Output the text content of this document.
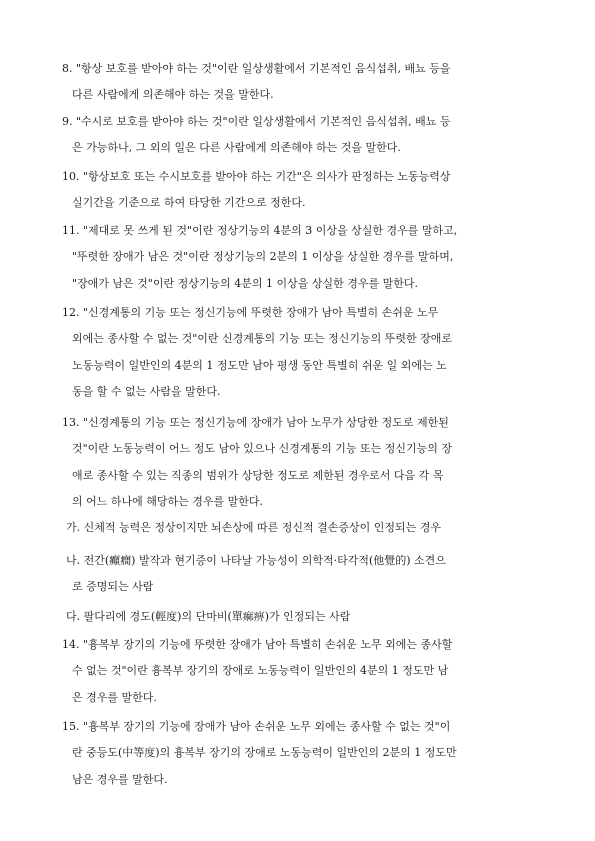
8. "항상 보호를 받아야 하는 것"이란 일상생활에서 기본적인 음식섭취, 배뇨 등을
다른 사람에게 의존해야 하는 것을 말한다.
9. "수시로 보호를 받아야 하는 것"이란 일상생활에서 기본적인 음식섭취, 배뇨 등
은 가능하나, 그 외의 일은 다른 사람에게 의존해야 하는 것을 말한다.
10. "항상보호 또는 수시보호를 받아야 하는 기간"은 의사가 판정하는 노동능력상
실기간을 기준으로 하여 타당한 기간으로 정한다.
11. "제대로 못 쓰게 된 것"이란 정상기능의 4분의 3 이상을 상실한 경우를 말하고,
"뚜렷한 장애가 남은 것"이란 정상기능의 2분의 1 이상을 상실한 경우를 말하며,
"장애가 남은 것"이란 정상기능의 4분의 1 이상을 상실한 경우를 말한다.
12. "신경계통의 기능 또는 정신기능에 뚜렷한 장애가 남아 특별히 손쉬운 노무
외에는 종사할 수 없는 것"이란 신경계통의 기능 또는 정신기능의 뚜렷한 장애로
노동능력이 일반인의 4분의 1 정도만 남아 평생 동안 특별히 쉬운 일 외에는 노
동을 할 수 없는 사람을 말한다.
13. "신경계통의 기능 또는 정신기능에 장애가 남아 노무가 상당한 정도로 제한된
것"이란 노동능력이 어느 정도 남아 있으나 신경계통의 기능 또는 정신기능의 장
애로 종사할 수 있는 직종의 범위가 상당한 정도로 제한된 경우로서 다음 각 목
의 어느 하나에 해당하는 경우를 말한다.
가. 신체적 능력은 정상이지만 뇌손상에 따른 정신적 결손증상이 인정되는 경우
나. 전간(癲癎) 발작과 현기증이 나타날 가능성이 의학적·타각적(他覺的) 소견으
로 증명되는 사람
다. 팔다리에 경도(輕度)의 단마비(單痲痹)가 인정되는 사람
14. "흉복부 장기의 기능에 뚜렷한 장애가 남아 특별히 손쉬운 노무 외에는 종사할
수 없는 것"이란 흉복부 장기의 장애로 노동능력이 일반인의 4분의 1 정도만 남
은 경우를 말한다.
15. "흉복부 장기의 기능에 장애가 남아 손쉬운 노무 외에는 종사할 수 없는 것"이
란 중등도(中等度)의 흉복부 장기의 장애로 노동능력이 일반인의 2분의 1 정도만
남은 경우를 말한다.
